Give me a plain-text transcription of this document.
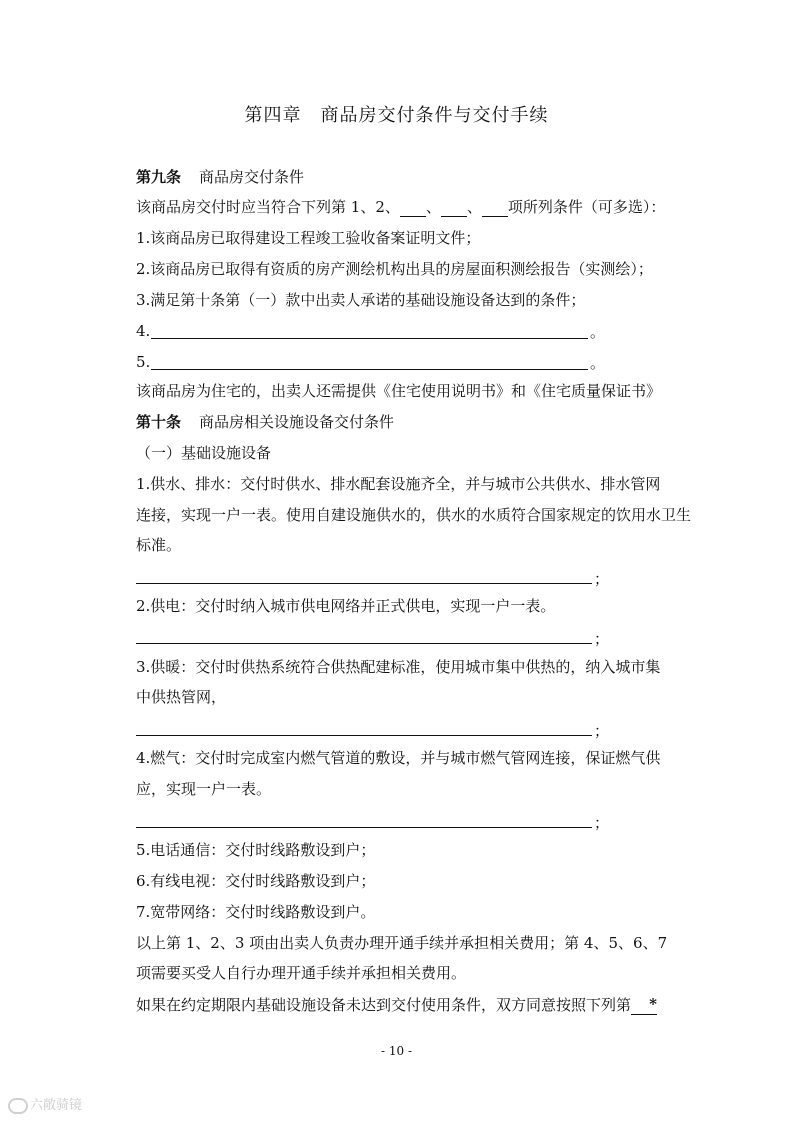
第四章　商品房交付条件与交付手续
第九条 商品房交付条件
该商品房交付时应当符合下列第 1、2、 、 、 项所列条件（可多选）：
1.该商品房已取得建设工程竣工验收备案证明文件；
2.该商品房已取得有资质的房产测绘机构出具的房屋面积测绘报告（实测绘）；
3.满足第十条第（一）款中出卖人承诺的基础设施设备达到的条件；
4.	。
5.	。
该商品房为住宅的，出卖人还需提供《住宅使用说明书》和《住宅质量保证书》
第十条 商品房相关设施设备交付条件
（一）基础设施设备
1.供水、排水：交付时供水、排水配套设施齐全，并与城市公共供水、排水管网
连接，实现一户一表。使用自建设施供水的，供水的水质符合国家规定的饮用水卫生
标准。
；
2.供电：交付时纳入城市供电网络并正式供电，实现一户一表。
；
3.供暖：交付时供热系统符合供热配建标准，使用城市集中供热的，纳入城市集
中供热管网，
；
4.燃气：交付时完成室内燃气管道的敷设，并与城市燃气管网连接，保证燃气供
应，实现一户一表。
；
5.电话通信：交付时线路敷设到户；
6.有线电视：交付时线路敷设到户；
7.宽带网络：交付时线路敷设到户。
以上第 1、2、3 项由出卖人负责办理开通手续并承担相关费用；第 4、5、6、7
项需要买受人自行办理开通手续并承担相关费用。
如果在约定期限内基础设施设备未达到交付使用条件，双方同意按照下列第 *
- 10 -
六敞骑镜
